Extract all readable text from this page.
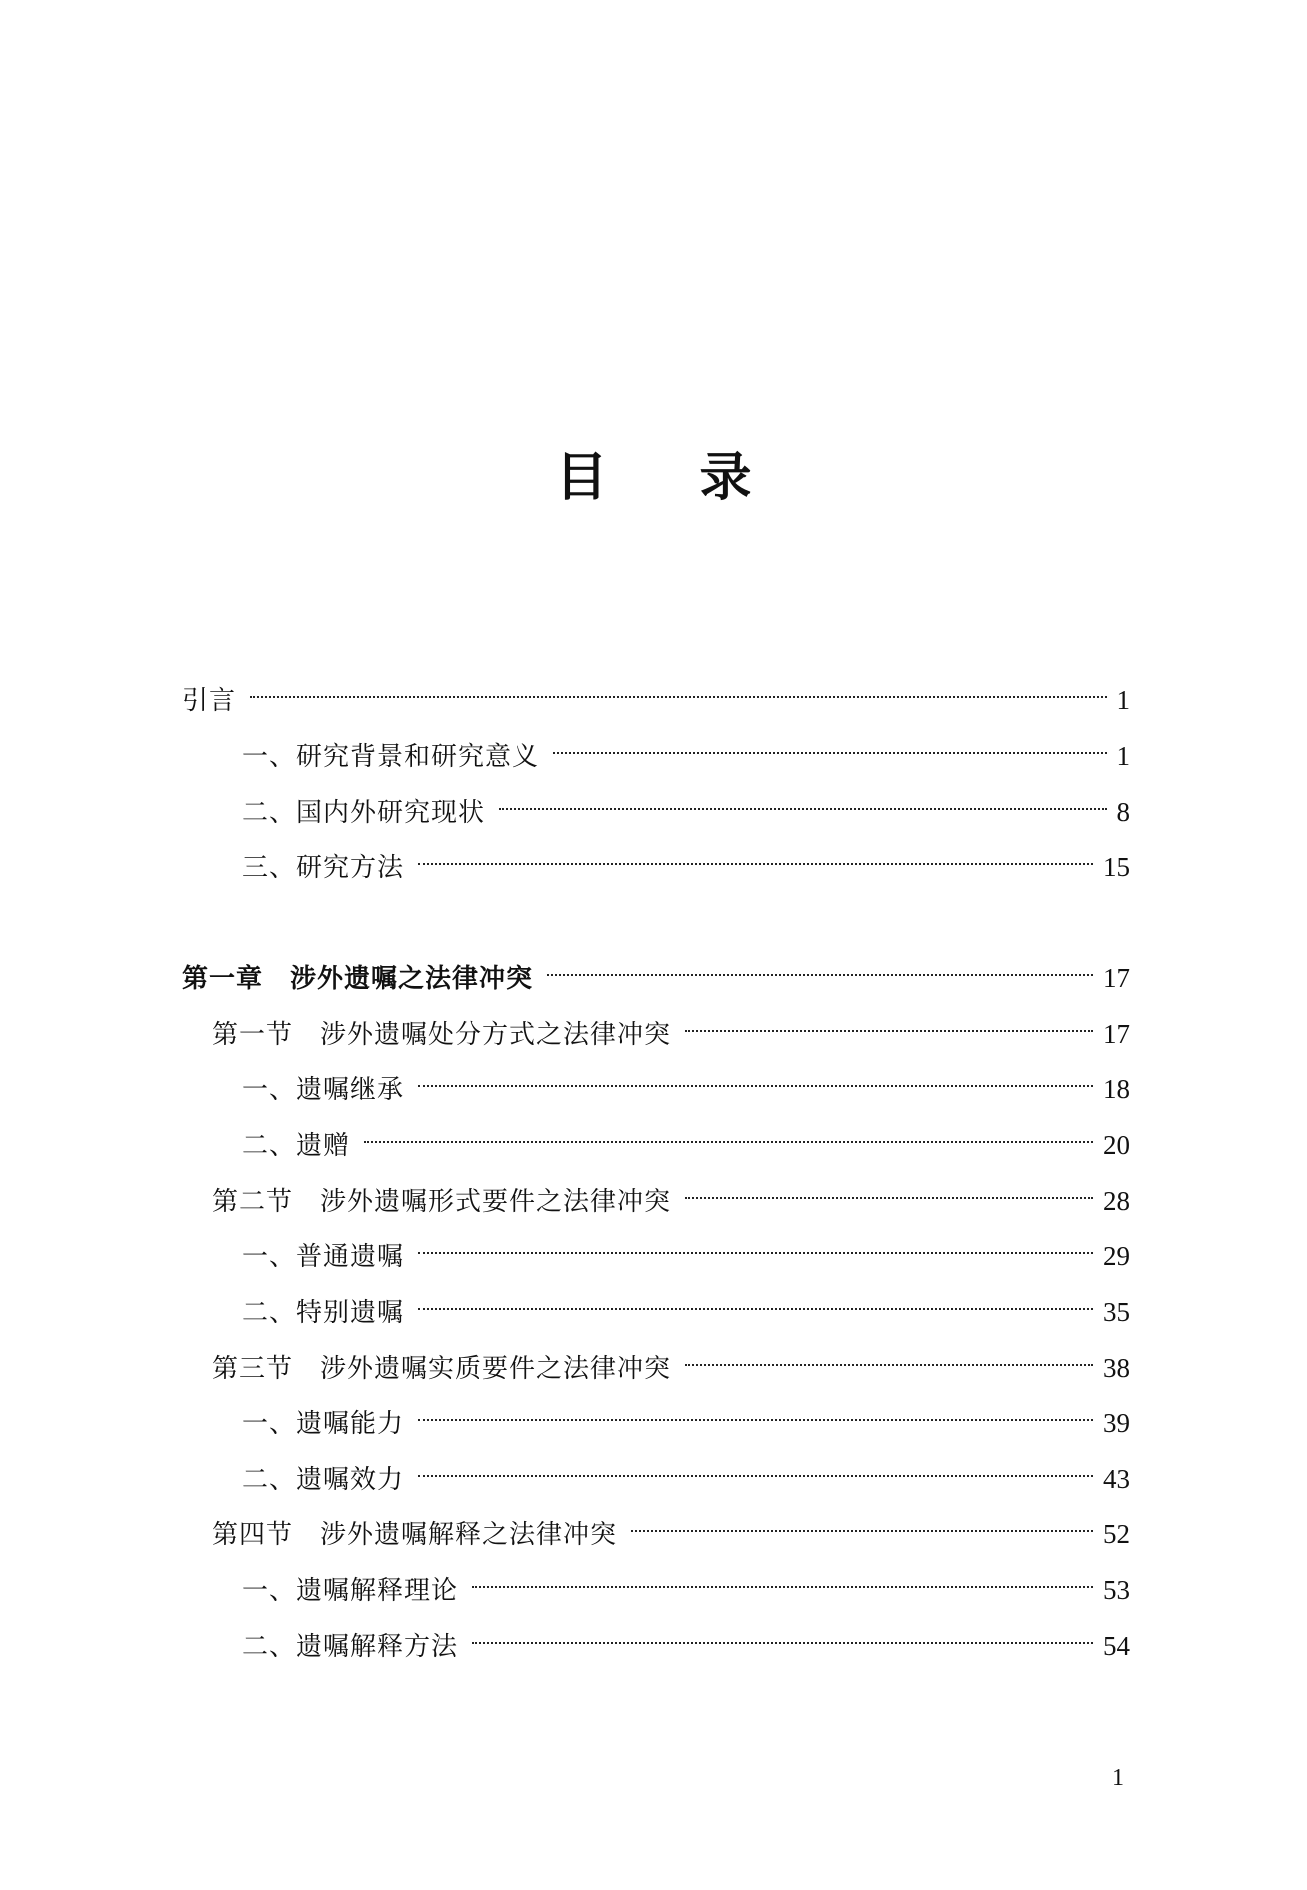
目 录
引言	1
一、研究背景和研究意义	1
二、国内外研究现状	8
三、研究方法	15
第一章　涉外遗嘱之法律冲突	17
第一节　涉外遗嘱处分方式之法律冲突	17
一、遗嘱继承	18
二、遗赠	20
第二节　涉外遗嘱形式要件之法律冲突	28
一、普通遗嘱	29
二、特别遗嘱	35
第三节　涉外遗嘱实质要件之法律冲突	38
一、遗嘱能力	39
二、遗嘱效力	43
第四节　涉外遗嘱解释之法律冲突	52
一、遗嘱解释理论	53
二、遗嘱解释方法	54
1
